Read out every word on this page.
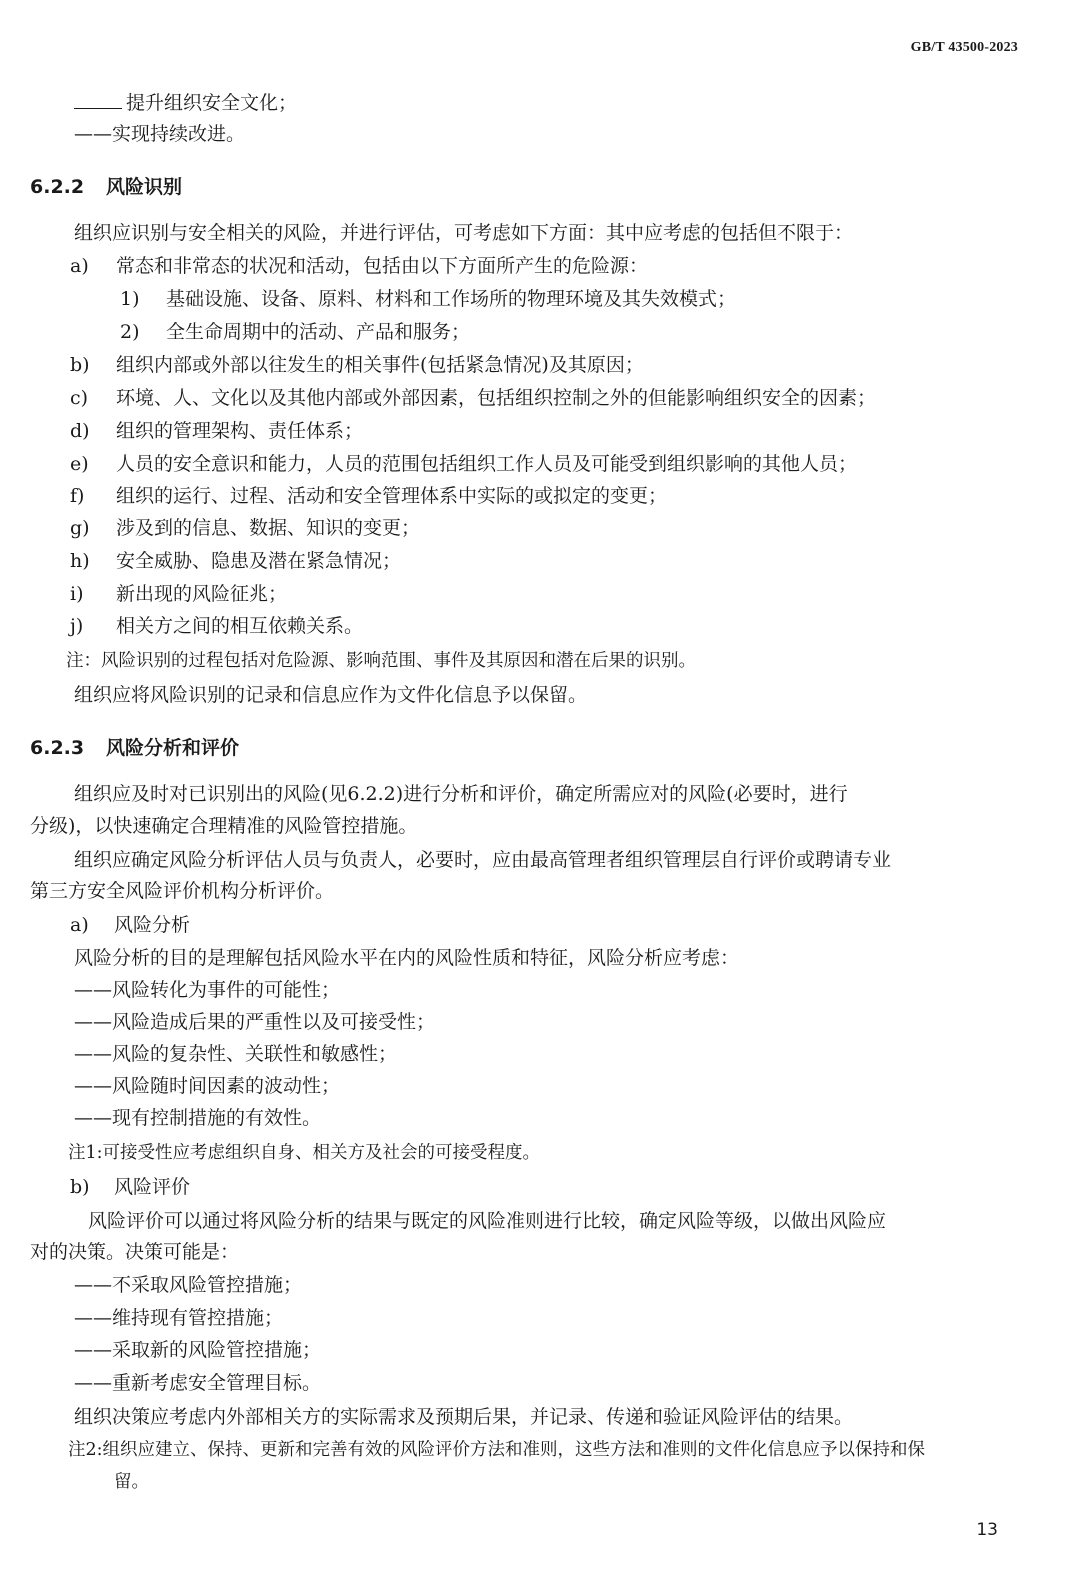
GB/T 43500-2023
提升组织安全文化；
——实现持续改进。
6.2.2 风险识别
组织应识别与安全相关的风险，并进行评估，可考虑如下方面：其中应考虑的包括但不限于：
a) 常态和非常态的状况和活动，包括由以下方面所产生的危险源：
1) 基础设施、设备、原料、材料和工作场所的物理环境及其失效模式；
2) 全生命周期中的活动、产品和服务；
b) 组织内部或外部以往发生的相关事件(包括紧急情况)及其原因；
c) 环境、人、文化以及其他内部或外部因素，包括组织控制之外的但能影响组织安全的因素；
d) 组织的管理架构、责任体系；
e) 人员的安全意识和能力，人员的范围包括组织工作人员及可能受到组织影响的其他人员；
f) 组织的运行、过程、活动和安全管理体系中实际的或拟定的变更；
g) 涉及到的信息、数据、知识的变更；
h) 安全威胁、隐患及潜在紧急情况；
i) 新出现的风险征兆；
j) 相关方之间的相互依赖关系。
注：风险识别的过程包括对危险源、影响范围、事件及其原因和潜在后果的识别。
组织应将风险识别的记录和信息应作为文件化信息予以保留。
6.2.3 风险分析和评价
组织应及时对已识别出的风险(见6.2.2)进行分析和评价，确定所需应对的风险(必要时，进行
分级)，以快速确定合理精准的风险管控措施。
组织应确定风险分析评估人员与负责人，必要时，应由最高管理者组织管理层自行评价或聘请专业
第三方安全风险评价机构分析评价。
a) 风险分析
风险分析的目的是理解包括风险水平在内的风险性质和特征，风险分析应考虑：
——风险转化为事件的可能性；
——风险造成后果的严重性以及可接受性；
——风险的复杂性、关联性和敏感性；
——风险随时间因素的波动性；
——现有控制措施的有效性。
注1:可接受性应考虑组织自身、相关方及社会的可接受程度。
b) 风险评价
风险评价可以通过将风险分析的结果与既定的风险准则进行比较，确定风险等级，以做出风险应
对的决策。决策可能是：
——不采取风险管控措施；
——维持现有管控措施；
——采取新的风险管控措施；
——重新考虑安全管理目标。
组织决策应考虑内外部相关方的实际需求及预期后果，并记录、传递和验证风险评估的结果。
注2:组织应建立、保持、更新和完善有效的风险评价方法和准则，这些方法和准则的文件化信息应予以保持和保
留。
13
